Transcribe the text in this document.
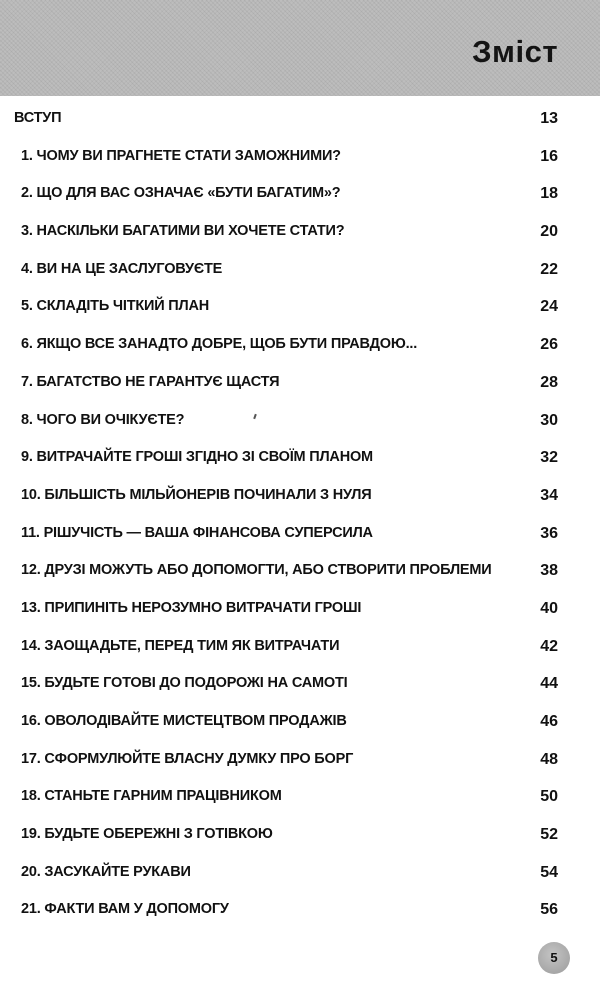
Зміст
ВСТУП	13
1. ЧОМУ ВИ ПРАГНЕТЕ СТАТИ ЗАМОЖНИМИ?	16
2. ЩО ДЛЯ ВАС ОЗНАЧАЄ «БУТИ БАГАТИМ»?	18
3. НАСКІЛЬКИ БАГАТИМИ ВИ ХОЧЕТЕ СТАТИ?	20
4. ВИ НА ЦЕ ЗАСЛУГОВУЄТЕ	22
5. СКЛАДІТЬ ЧІТКИЙ ПЛАН	24
6. ЯКЩО ВСЕ ЗАНАДТО ДОБРЕ, ЩОБ БУТИ ПРАВДОЮ...	26
7. БАГАТСТВО НЕ ГАРАНТУЄ ЩАСТЯ	28
8. ЧОГО ВИ ОЧІКУЄТЕ?	30
9. ВИТРАЧАЙТЕ ГРОШІ ЗГІДНО ЗІ СВОЇМ ПЛАНОМ	32
10. БІЛЬШІСТЬ МІЛЬЙОНЕРІВ ПОЧИНАЛИ З НУЛЯ	34
11. РІШУЧІСТЬ — ВАША ФІНАНСОВА СУПЕРСИЛА	36
12. ДРУЗІ МОЖУТЬ АБО ДОПОМОГТИ, АБО СТВОРИТИ ПРОБЛЕМИ	38
13. ПРИПИНІТЬ НЕРОЗУМНО ВИТРАЧАТИ ГРОШІ	40
14. ЗАОЩАДЬТЕ, ПЕРЕД ТИМ ЯК ВИТРАЧАТИ	42
15. БУДЬТЕ ГОТОВІ ДО ПОДОРОЖІ НА САМОТІ	44
16. ОВОЛОДІВАЙТЕ МИСТЕЦТВОМ ПРОДАЖІВ	46
17. СФОРМУЛЮЙТЕ ВЛАСНУ ДУМКУ ПРО БОРГ	48
18. СТАНЬТЕ ГАРНИМ ПРАЦІВНИКОМ	50
19. БУДЬТЕ ОБЕРЕЖНІ З ГОТІВКОЮ	52
20. ЗАСУКАЙТЕ РУКАВИ	54
21. ФАКТИ ВАМ У ДОПОМОГУ	56
5
